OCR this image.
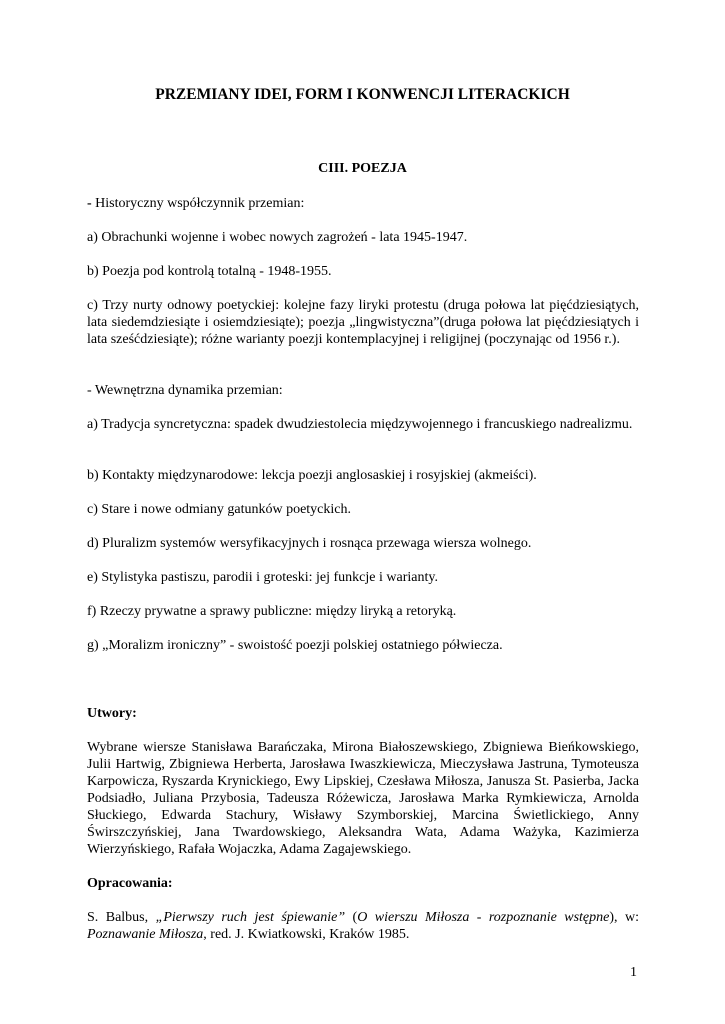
PRZEMIANY IDEI, FORM I KONWENCJI LITERACKICH
CIII. POEZJA

- Historyczny współczynnik przemian:

a) Obrachunki wojenne i wobec nowych zagrożeń - lata 1945-1947.

b) Poezja pod kontrolą totalną - 1948-1955.

c) Trzy nurty odnowy poetyckiej: kolejne fazy liryki protestu (druga połowa lat pięćdziesiątych, lata siedemdziesiąte i osiemdziesiąte); poezja „lingwistyczna”(druga połowa lat pięćdziesiątych i lata sześćdziesiąte); różne warianty poezji kontemplacyjnej i religijnej (poczynając od 1956 r.).

- Wewnętrzna dynamika przemian:

a) Tradycja syncretyczna: spadek dwudziestolecia międzywojennego i francuskiego nadrealizmu.

b) Kontakty międzynarodowe: lekcja poezji anglosaskiej i rosyjskiej (akmeiści).

c) Stare i nowe odmiany gatunków poetyckich.

d) Pluralizm systemów wersyfikacyjnych i rosnąca przewaga wiersza wolnego.

e) Stylistyka pastiszu, parodii i groteski: jej funkcje i warianty.

f) Rzeczy prywatne a sprawy publiczne: między liryką a retoryką.

g) „Moralizm ironiczny” - swoistość poezji polskiej ostatniego półwiecza.

Utwory:

Wybrane wiersze Stanisława Barańczaka, Mirona Białoszewskiego, Zbigniewa Bieńkowskiego, Julii Hartwig, Zbigniewa Herberta, Jarosława Iwaszkiewicza, Mieczysława Jastruna, Tymoteusza Karpowicza, Ryszarda Krynickiego, Ewy Lipskiej, Czesława Miłosza, Janusza St. Pasierba, Jacka Podsiadło, Juliana Przybosia, Tadeusza Różewicza, Jarosława Marka Rymkiewicza, Arnolda Słuckiego, Edwarda Stachury, Wisławy Szymborskiej, Marcina Świetlickiego, Anny Świrszczyńskiej, Jana Twardowskiego, Aleksandra Wata, Adama Ważyka, Kazimierza Wierzyńskiego, Rafała Wojaczka, Adama Zagajewskiego.

Opracowania:

S. Balbus, „Pierwszy ruch jest śpiewanie” (O wierszu Miłosza - rozpoznanie wstępne), w: Poznawanie Miłosza, red. J. Kwiatkowski, Kraków 1985.

1
